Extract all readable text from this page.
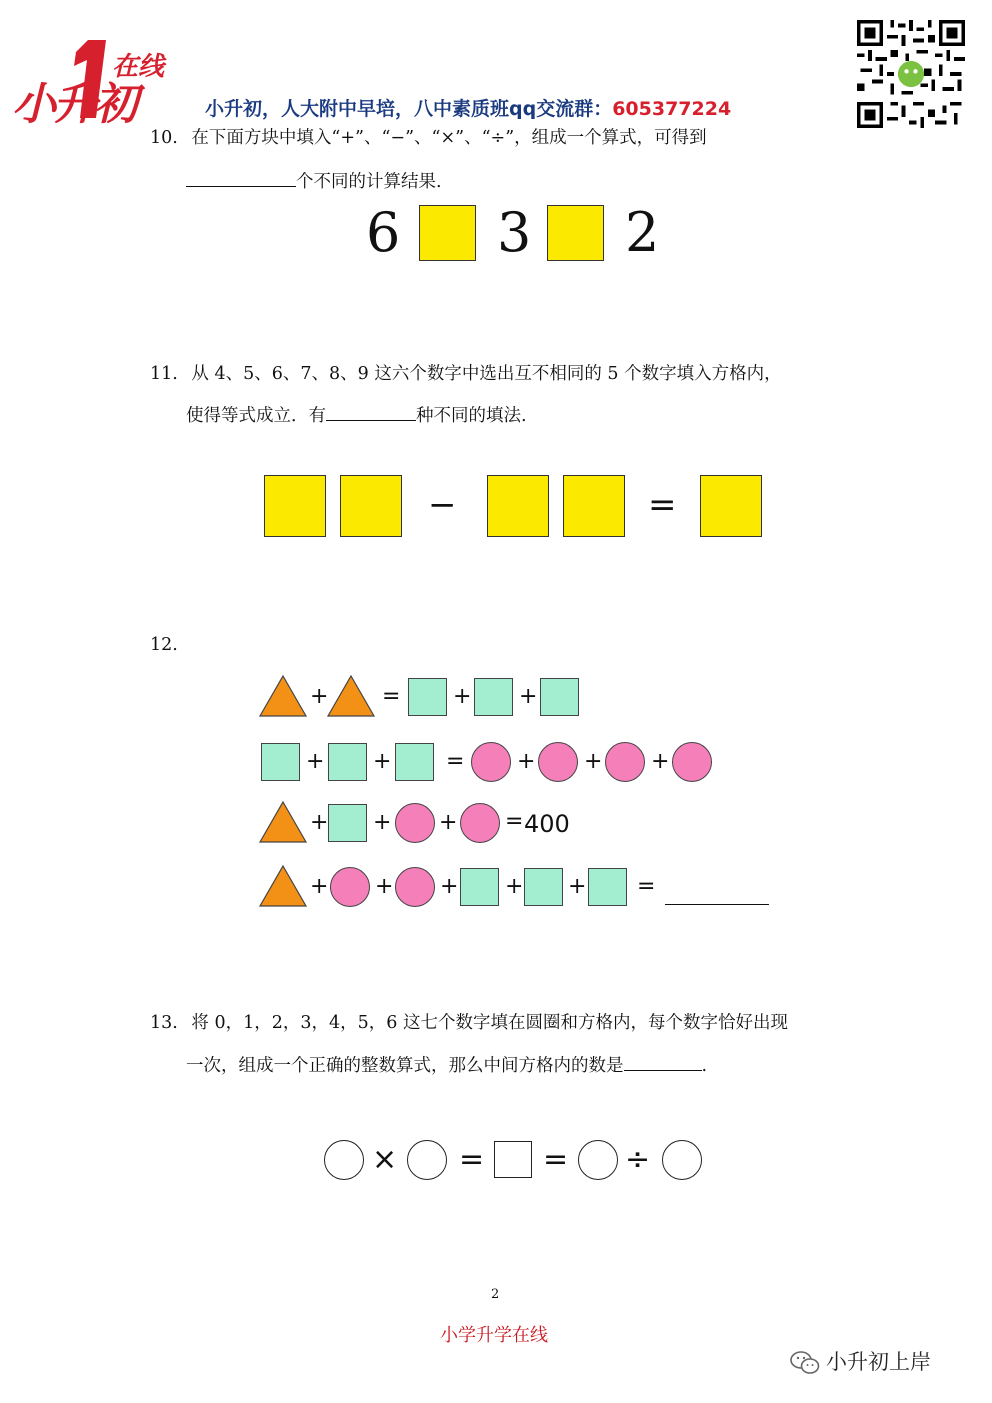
在线
小升初	小升初，人大附中早培，八中素质班qq交流群：605377224
10. 在下面方块中填入“+”、“−”、“×”、“÷”，组成一个算式，可得到
个不同的计算结果.
6 3 2
11. 从 4、5、6、7、8、9 这六个数字中选出互不相同的 5 个数字填入方格内，
使得等式成立．有	种不同的填法.
−	=
12.
+ = + +
+ + = + + +
+ + + = 400
+ + + + + =
13. 将 0，1，2，3，4，5，6 这七个数字填在圆圈和方格内，每个数字恰好出现
一次，组成一个正确的整数算式，那么中间方格内的数是	.
× = = ÷
2
小学升学在线
小升初上岸
